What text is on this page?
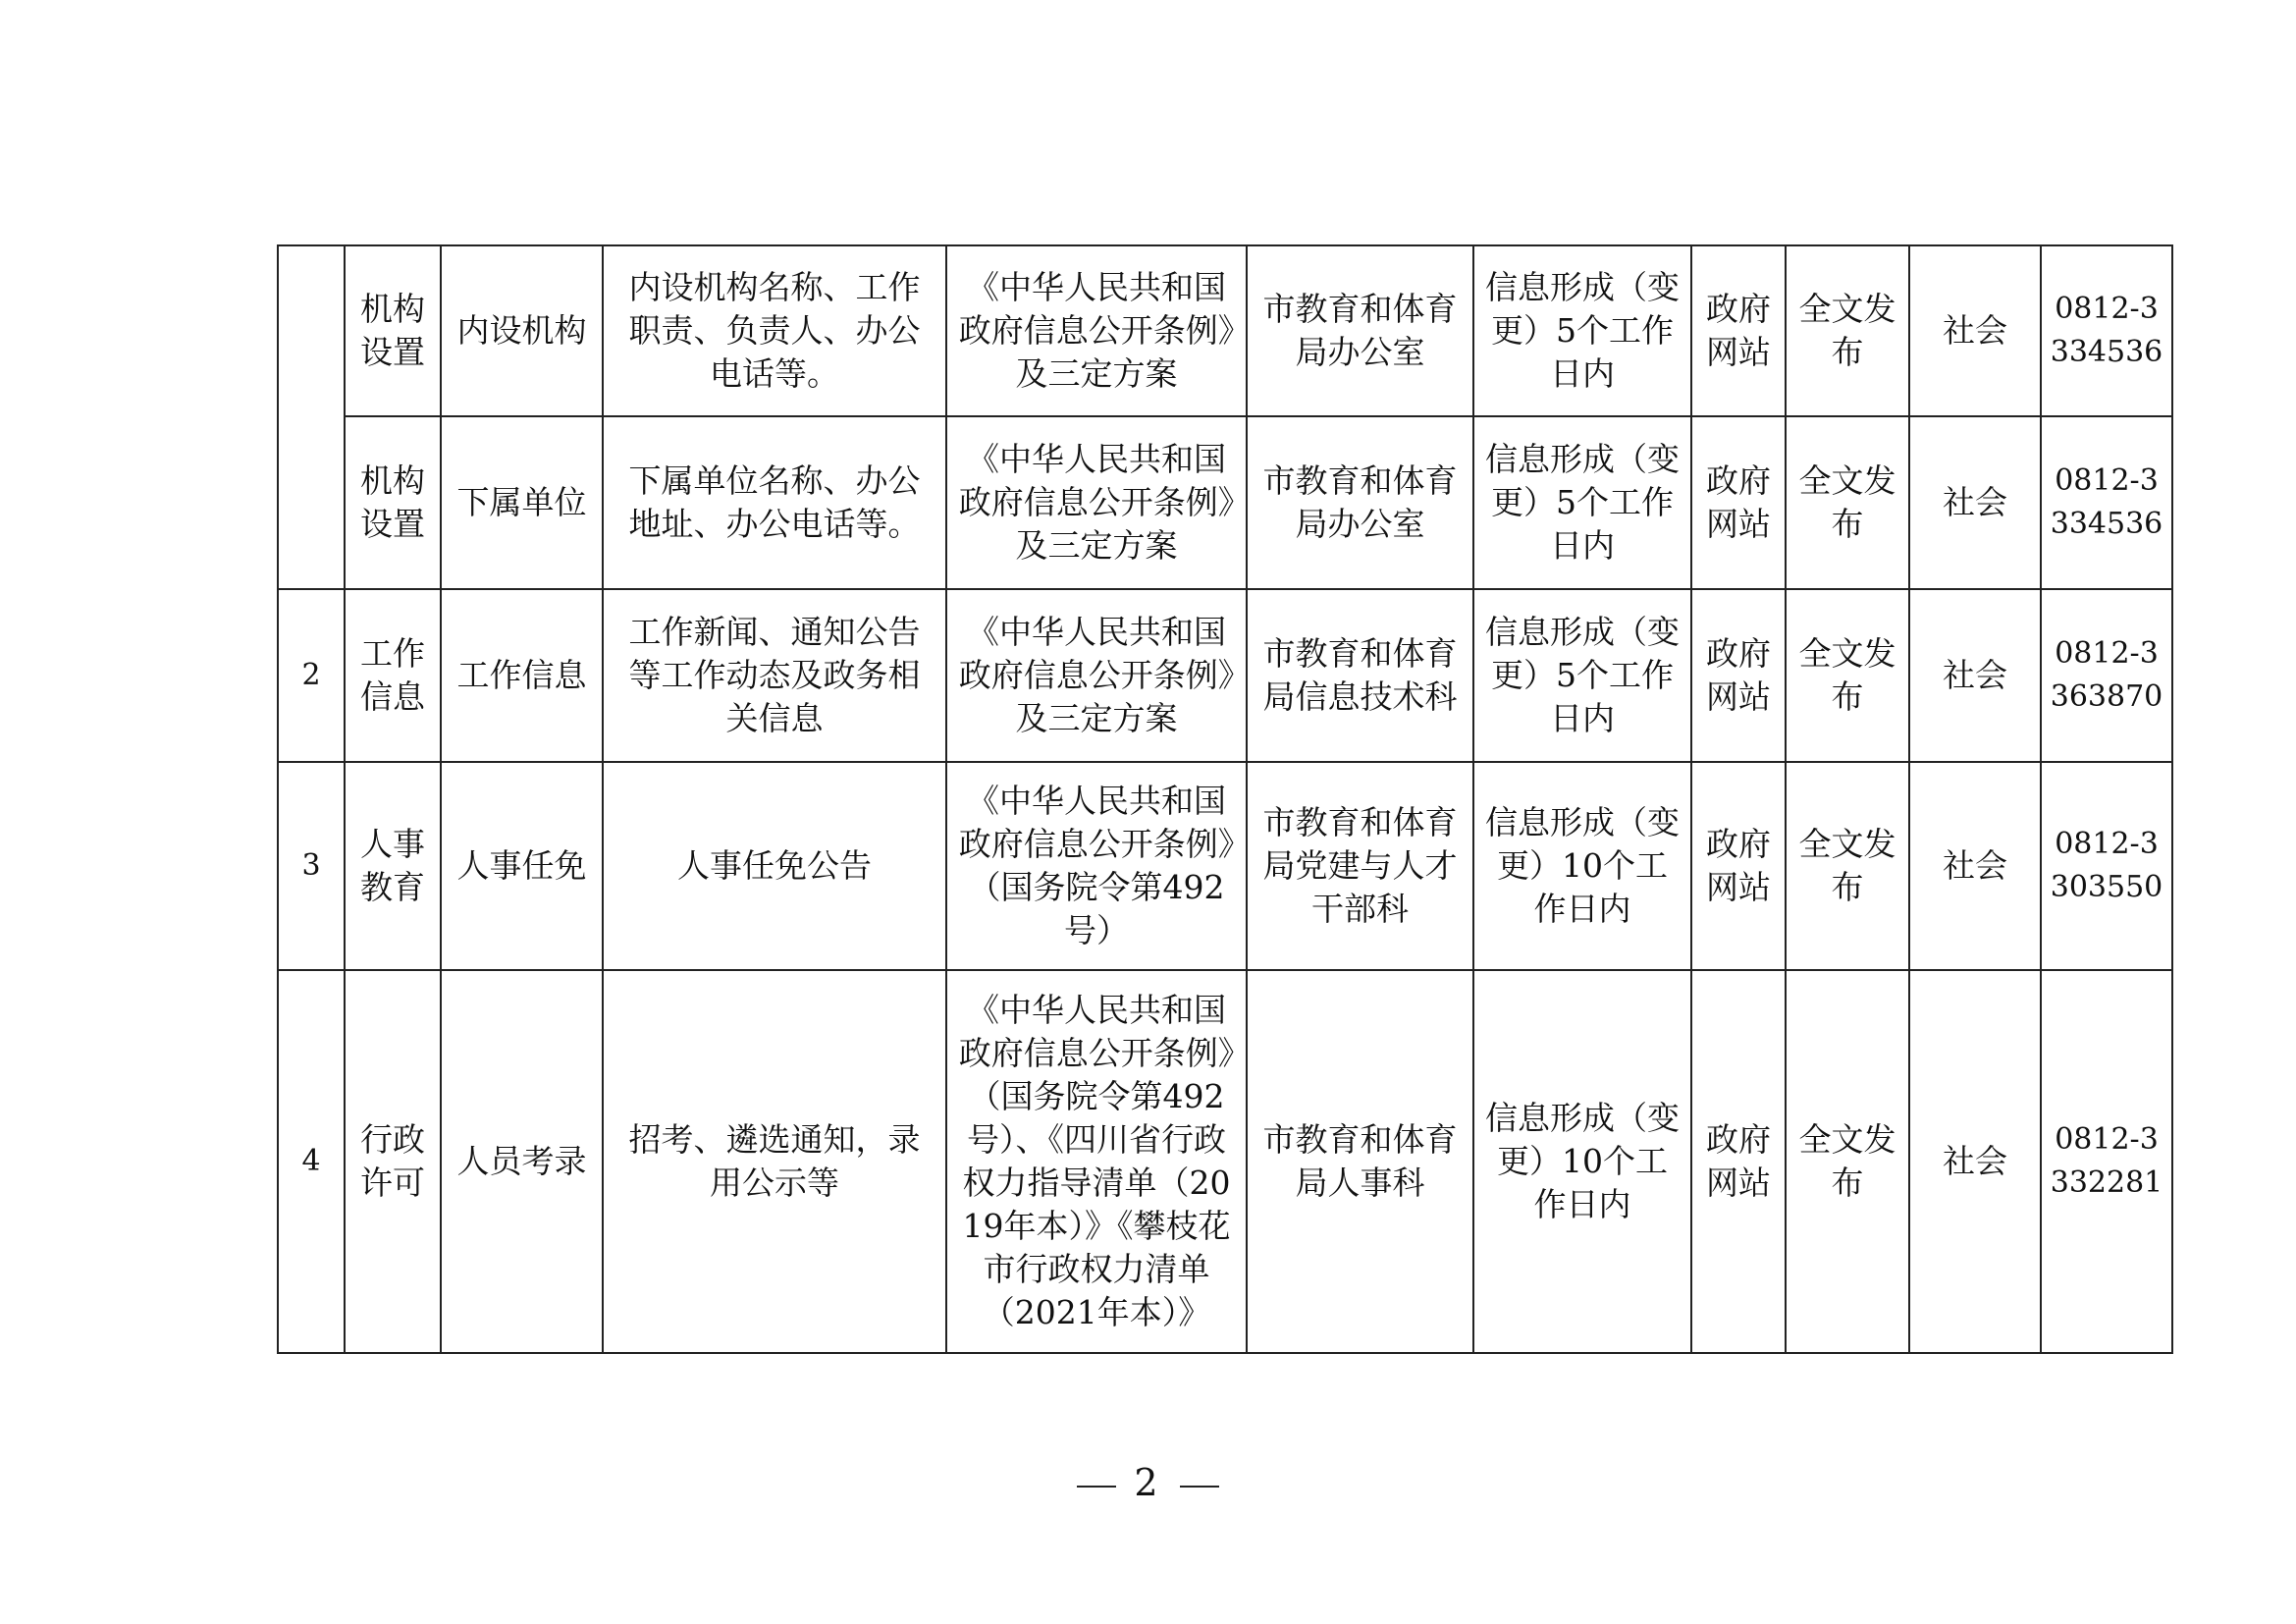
	机构设置	内设机构	内设机构名称、工作职责、负责人、办公电话等。	《中华人民共和国政府信息公开条例》及三定方案	市教育和体育局办公室	信息形成（变更）5个工作日内	政府网站	全文发布	社会	0812-3334536
	机构设置	下属单位	下属单位名称、办公地址、办公电话等。	《中华人民共和国政府信息公开条例》及三定方案	市教育和体育局办公室	信息形成（变更）5个工作日内	政府网站	全文发布	社会	0812-3334536
2	工作信息	工作信息	工作新闻、通知公告等工作动态及政务相关信息	《中华人民共和国政府信息公开条例》及三定方案	市教育和体育局信息技术科	信息形成（变更）5个工作日内	政府网站	全文发布	社会	0812-3363870
3	人事教育	人事任免	人事任免公告	《中华人民共和国政府信息公开条例》（国务院令第492号）	市教育和体育局党建与人才干部科	信息形成（变更）10个工作日内	政府网站	全文发布	社会	0812-3303550
4	行政许可	人员考录	招考、遴选通知，录用公示等	《中华人民共和国政府信息公开条例》（国务院令第492号）、《四川省行政权力指导清单（2019年本）》《攀枝花市行政权力清单（2021年本）》	市教育和体育局人事科	信息形成（变更）10个工作日内	政府网站	全文发布	社会	0812-3332281
2
